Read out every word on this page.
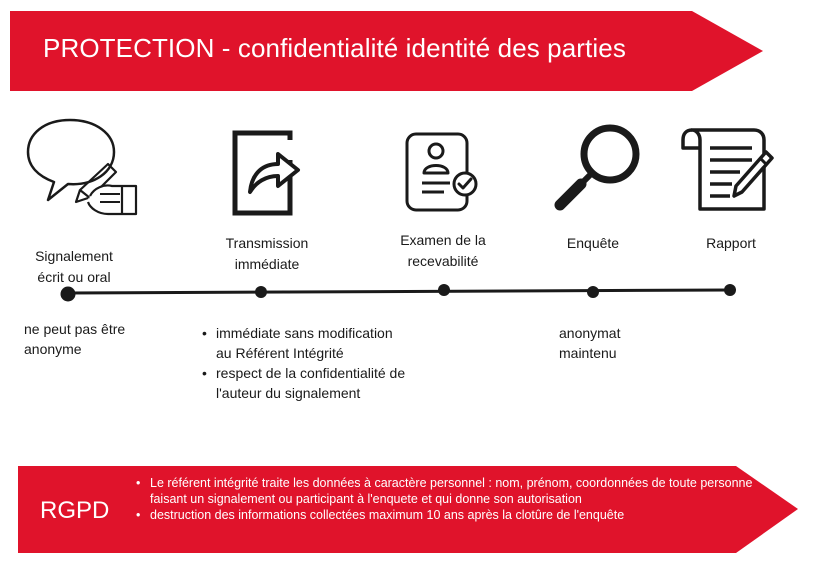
PROTECTION - confidentialité identité des parties
Signalement
écrit ou oral
Transmission
immédiate
Examen de la
recevabilité
Enquête	Rapport
ne peut pas être
anonyme
• immédiate sans modification au Référent Intégrité
• respect de la confidentialité de l'auteur du signalement
anonymat
maintenu
RGPD
• Le référent intégrité traite les données à caractère personnel : nom, prénom, coordonnées de toute personne faisant un signalement ou participant à l'enquete et qui donne son autorisation
• destruction des informations collectées maximum 10 ans après la clotûre de l'enquête
